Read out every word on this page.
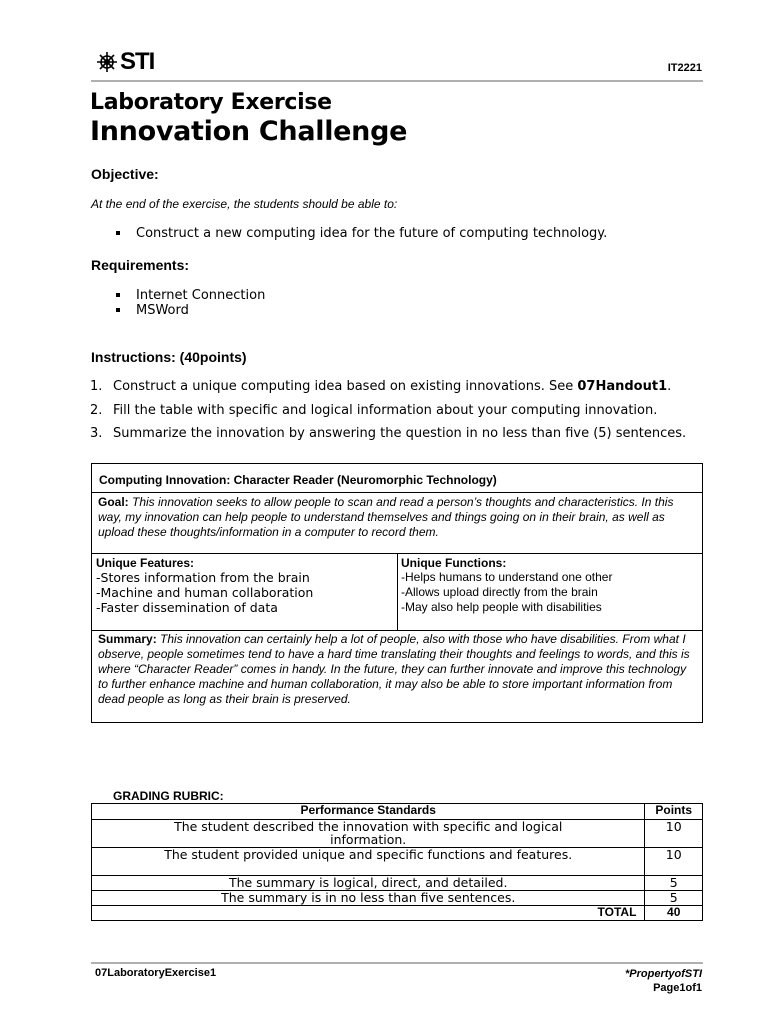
STI	IT2221
Laboratory Exercise
Innovation Challenge
Objective:
At the end of the exercise, the students should be able to:
Construct a new computing idea for the future of computing technology.
Requirements:
Internet Connection
MSWord
Instructions: (40points)
1. Construct a unique computing idea based on existing innovations. See 07Handout1.
2. Fill the table with specific and logical information about your computing innovation.
3. Summarize the innovation by answering the question in no less than five (5) sentences.
Computing Innovation: Character Reader (Neuromorphic Technology)
Goal: This innovation seeks to allow people to scan and read a person’s thoughts and characteristics. In this way, my innovation can help people to understand themselves and things going on in their brain, as well as upload these thoughts/information in a computer to record them.
Unique Features:
-Stores information from the brain
-Machine and human collaboration
-Faster dissemination of data
Unique Functions:
-Helps humans to understand one other
-Allows upload directly from the brain
-May also help people with disabilities
Summary: This innovation can certainly help a lot of people, also with those who have disabilities. From what I observe, people sometimes tend to have a hard time translating their thoughts and feelings to words, and this is where “Character Reader” comes in handy. In the future, they can further innovate and improve this technology to further enhance machine and human collaboration, it may also be able to store important information from dead people as long as their brain is preserved.
GRADING RUBRIC:
Performance Standards	Points
The student described the innovation with specific and logical information.	10
The student provided unique and specific functions and features.	10
The summary is logical, direct, and detailed.	5
The summary is in no less than five sentences.	5
TOTAL	40
07LaboratoryExercise1	*PropertyofSTI
Page1of1
